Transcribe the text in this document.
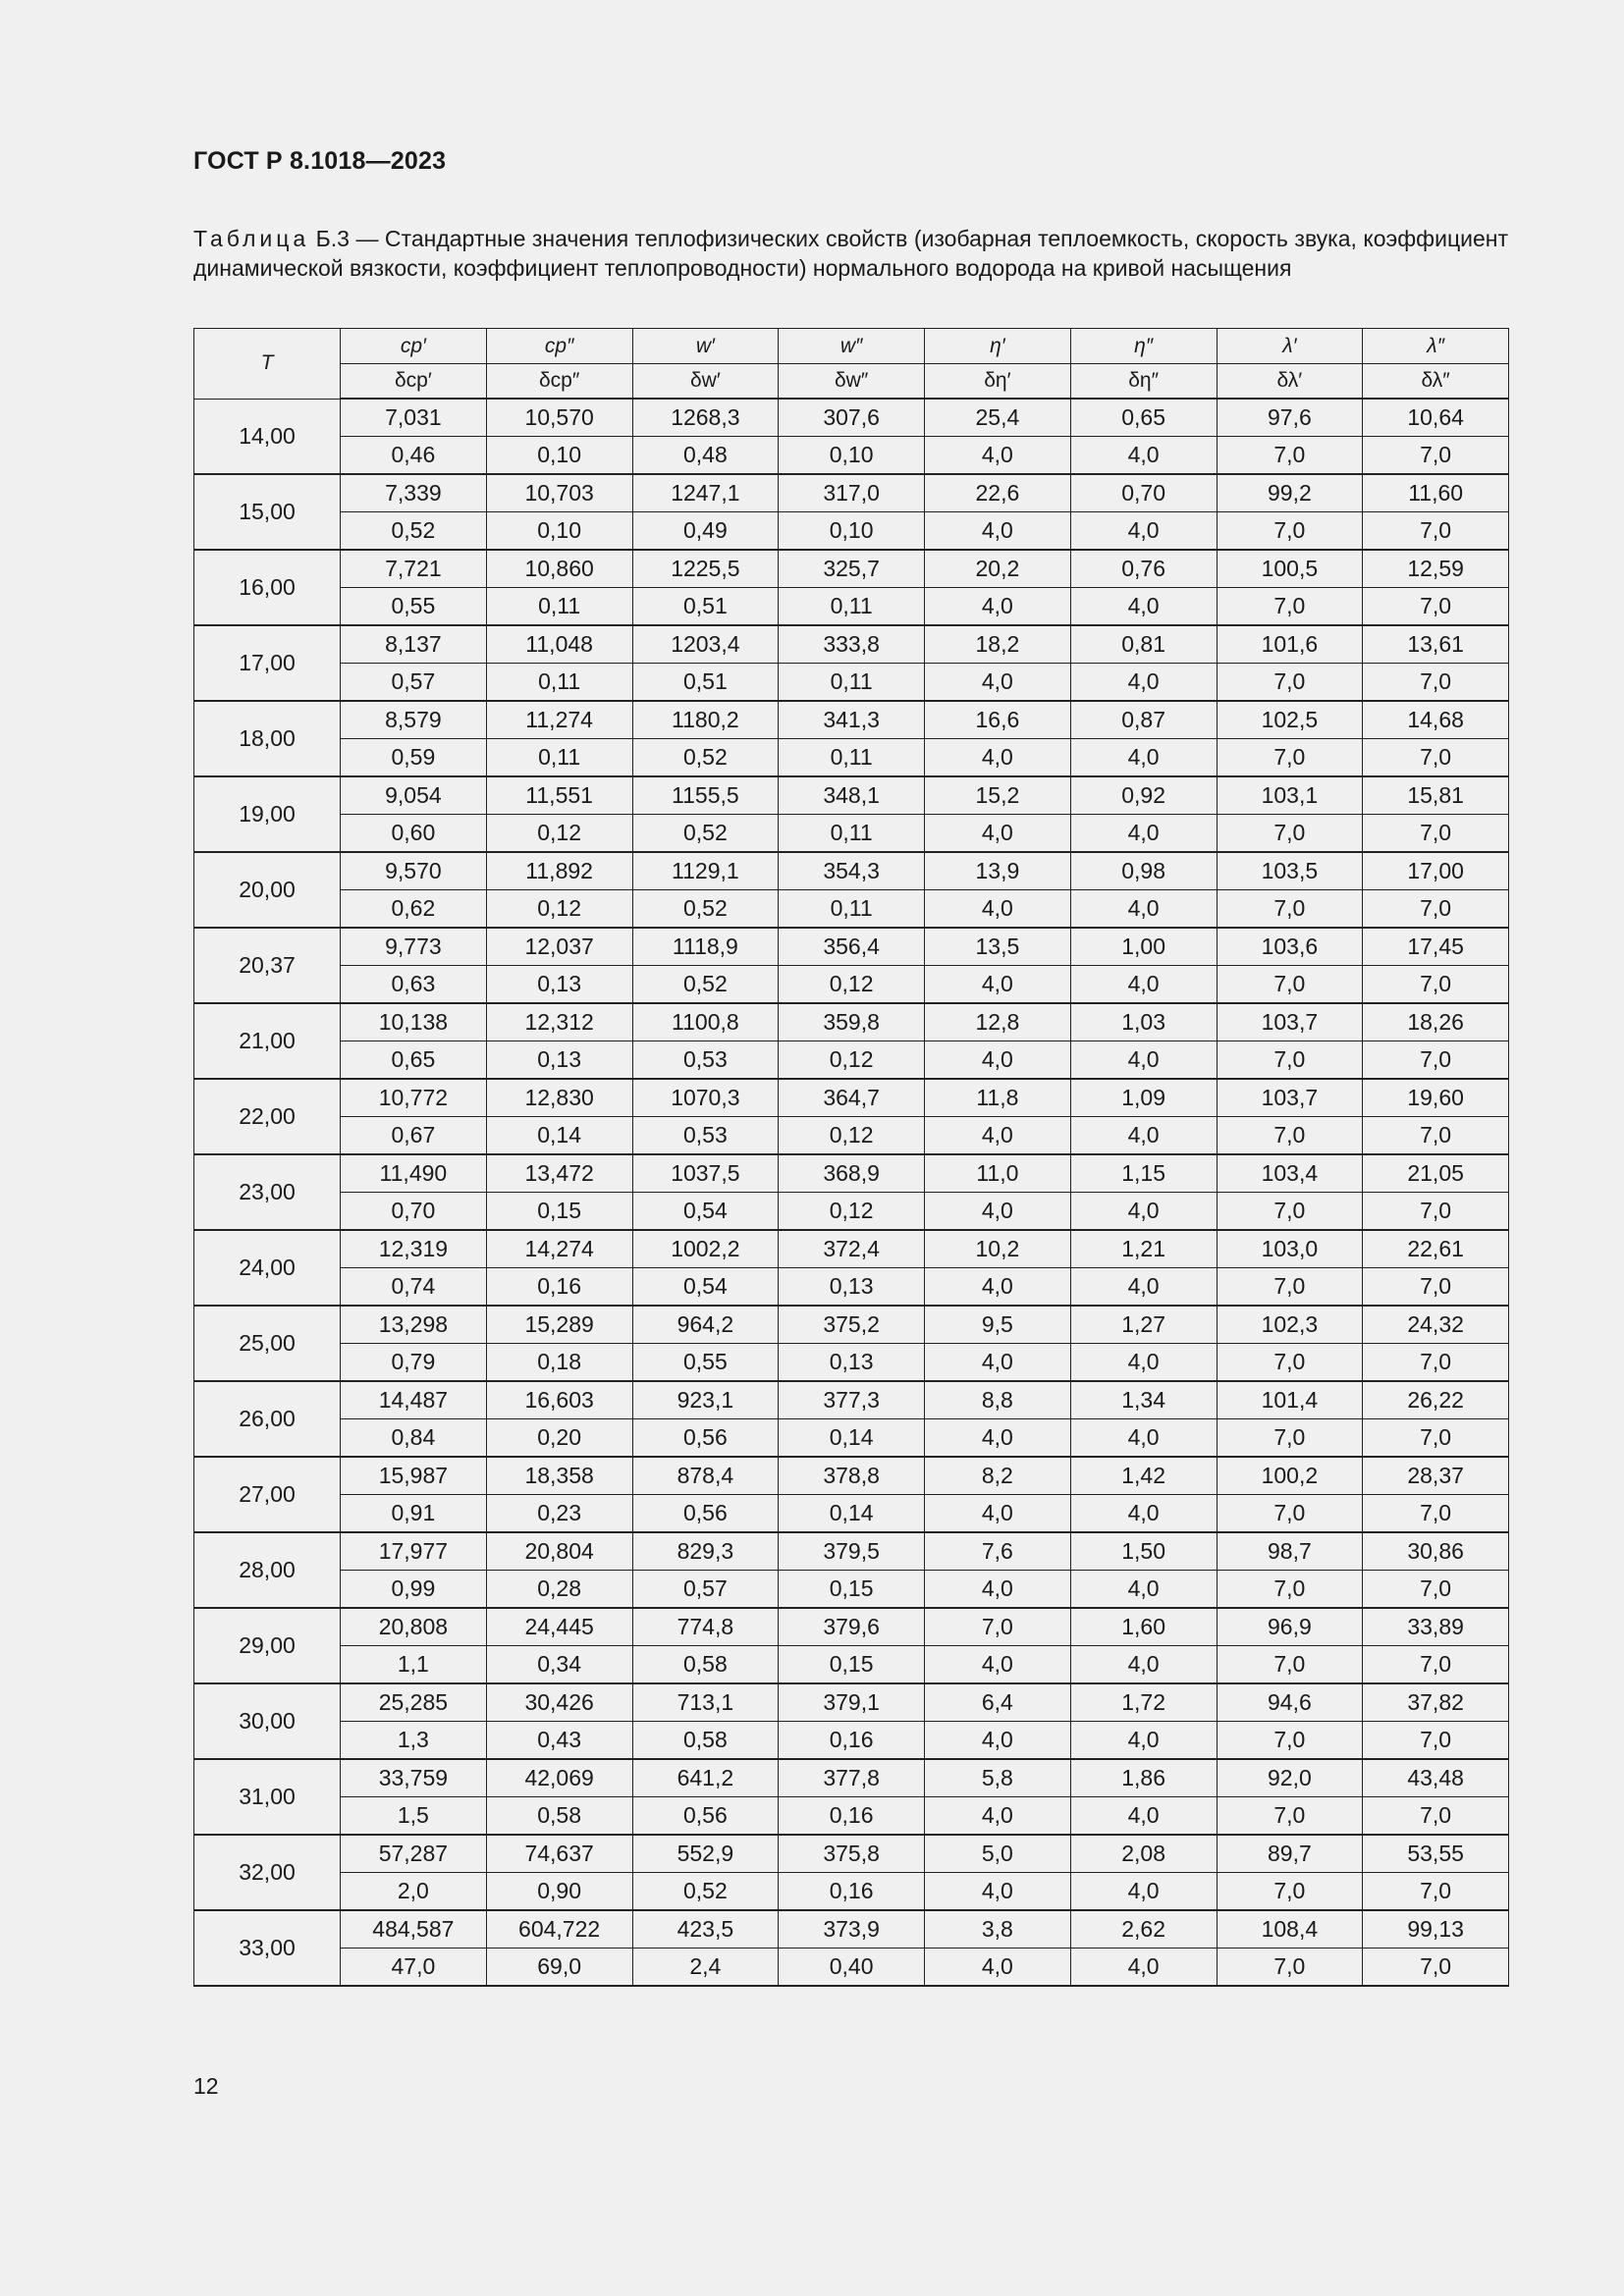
ГОСТ Р 8.1018—2023
Таблица Б.3 — Стандартные значения теплофизических свойств (изобарная теплоемкость, скорость звука, коэффициент динамической вязкости, коэффициент теплопроводности) нормального водорода на кривой насыщения
T	cp′	cp″	w′	w″	η′	η″	λ′	λ″
	δcp′	δcp″	δw′	δw″	δη′	δη″	δλ′	δλ″
14,00	7,031	10,570	1268,3	307,6	25,4	0,65	97,6	10,64
	0,46	0,10	0,48	0,10	4,0	4,0	7,0	7,0
15,00	7,339	10,703	1247,1	317,0	22,6	0,70	99,2	11,60
	0,52	0,10	0,49	0,10	4,0	4,0	7,0	7,0
16,00	7,721	10,860	1225,5	325,7	20,2	0,76	100,5	12,59
	0,55	0,11	0,51	0,11	4,0	4,0	7,0	7,0
17,00	8,137	11,048	1203,4	333,8	18,2	0,81	101,6	13,61
	0,57	0,11	0,51	0,11	4,0	4,0	7,0	7,0
18,00	8,579	11,274	1180,2	341,3	16,6	0,87	102,5	14,68
	0,59	0,11	0,52	0,11	4,0	4,0	7,0	7,0
19,00	9,054	11,551	1155,5	348,1	15,2	0,92	103,1	15,81
	0,60	0,12	0,52	0,11	4,0	4,0	7,0	7,0
20,00	9,570	11,892	1129,1	354,3	13,9	0,98	103,5	17,00
	0,62	0,12	0,52	0,11	4,0	4,0	7,0	7,0
20,37	9,773	12,037	1118,9	356,4	13,5	1,00	103,6	17,45
	0,63	0,13	0,52	0,12	4,0	4,0	7,0	7,0
21,00	10,138	12,312	1100,8	359,8	12,8	1,03	103,7	18,26
	0,65	0,13	0,53	0,12	4,0	4,0	7,0	7,0
22,00	10,772	12,830	1070,3	364,7	11,8	1,09	103,7	19,60
	0,67	0,14	0,53	0,12	4,0	4,0	7,0	7,0
23,00	11,490	13,472	1037,5	368,9	11,0	1,15	103,4	21,05
	0,70	0,15	0,54	0,12	4,0	4,0	7,0	7,0
24,00	12,319	14,274	1002,2	372,4	10,2	1,21	103,0	22,61
	0,74	0,16	0,54	0,13	4,0	4,0	7,0	7,0
25,00	13,298	15,289	964,2	375,2	9,5	1,27	102,3	24,32
	0,79	0,18	0,55	0,13	4,0	4,0	7,0	7,0
26,00	14,487	16,603	923,1	377,3	8,8	1,34	101,4	26,22
	0,84	0,20	0,56	0,14	4,0	4,0	7,0	7,0
27,00	15,987	18,358	878,4	378,8	8,2	1,42	100,2	28,37
	0,91	0,23	0,56	0,14	4,0	4,0	7,0	7,0
28,00	17,977	20,804	829,3	379,5	7,6	1,50	98,7	30,86
	0,99	0,28	0,57	0,15	4,0	4,0	7,0	7,0
29,00	20,808	24,445	774,8	379,6	7,0	1,60	96,9	33,89
	1,1	0,34	0,58	0,15	4,0	4,0	7,0	7,0
30,00	25,285	30,426	713,1	379,1	6,4	1,72	94,6	37,82
	1,3	0,43	0,58	0,16	4,0	4,0	7,0	7,0
31,00	33,759	42,069	641,2	377,8	5,8	1,86	92,0	43,48
	1,5	0,58	0,56	0,16	4,0	4,0	7,0	7,0
32,00	57,287	74,637	552,9	375,8	5,0	2,08	89,7	53,55
	2,0	0,90	0,52	0,16	4,0	4,0	7,0	7,0
33,00	484,587	604,722	423,5	373,9	3,8	2,62	108,4	99,13
	47,0	69,0	2,4	0,40	4,0	4,0	7,0	7,0
12
